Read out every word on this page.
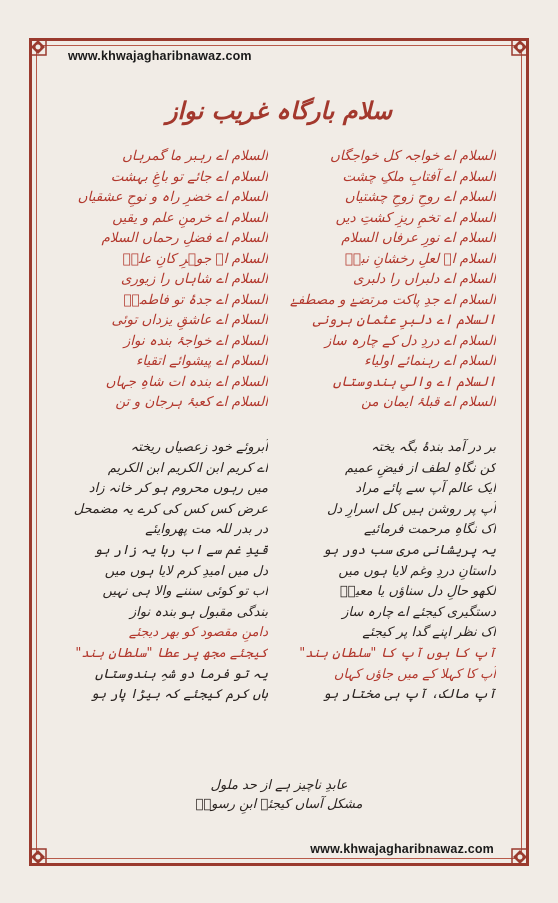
www.khwajagharibnawaz.com
سلام بارگاہ غریب نواز
السلام اے خواجہ کل خواجگاں
السلام اے آفتابِ ملکِ چشت
السلام اے روحِ زوحِ چشتیاں
السلام اے تخمِ ریزِ کشتِ دیں
السلام اے نورِ عرفاں السلام
السلام اے لعلِ رخشانِ نبیؐ
السلام اے دلبراں را دلبری
السلام اے جدِ پاکت مرتضےٰ و مصطفےٰ
السلام اے دلبرِ عثمانِ ہرونی
السلام اے دردِ دل کے چارہ ساز
السلام اے رہنمائے اولیاء
السلام اے والیِ ہندوستاں
السلام اے قبلۂ ایمان من
السلام اے رہبر ما گمرہاں
السلام اے جائے تو باغِ بہشت
السلام اے خضرِ راہ و نوحِ عشقیاں
السلام اے خرمنِ علم و یقیں
السلام اے فضلِ رحماں السلام
السلام اے جوہرِ کانِ علیؓ
السلام اے شاہاں را زیوری
السلام اے جدۂ تو فاطمہؓ
السلام اے عاشقِ یزداں توئی
السلام اے خواجۂ بندہ نواز
السلام اے پیشوائے اتقیاء
السلام اے بندہ ات شاہِ جہاں
السلام اے کعبۂ ہرجان و تن
بر در آمد بندۂ بگہ یختہ
کن نگاہِ لطف از فیضِ عمیم
ایک عالم آپ سے پائے مراد
آپ پر روشن ہیں کل اسرارِ دل
اک نگاہِ مرحمت فرمائیے
یہ پریشانی مری سب دور ہو
داستانِ دردِ وغم لایا ہوں میں
لکھو حالِ دل سناؤں یا معینؒ
دستگیری کیجئے اے چارہ ساز
اک نظر اپنے گدا پر کیجئے
آپ کا ہوں آپ کا "سلطانِ ہند"
آپ کا کہلا کے میں جاؤں کہاں
آپ مالک، آپ ہی مختار ہو
آبروئے خود زعصیاں ریختہ
اے کریم ابن الکریم ابن الکریم
میں رہوں محروم ہو کر خانہ زاد
عرض کس کس کی کرے یہ مضمحل
در بدر للہ مت پھروایئے
قیدِ غم سے اب رہا یہ زار ہو
دل میں امیدِ کرم لایا ہوں میں
اب تو کوئی سننے والا ہی نہیں
بندگی مقبول ہو بندہ نواز
دامنِ مقصود کو بھر دیجئے
کیجئے مجھ پر عطا "سلطانِ ہند"
یہ تو فرما دو شہِ ہندوستاں
ہاں کرم کیجئے کہ بیڑا پار ہو
عابدِ ناچیز ہے از حد ملول
مشکل آساں کیجئے ابنِ رسولؐ
www.khwajagharibnawaz.com
